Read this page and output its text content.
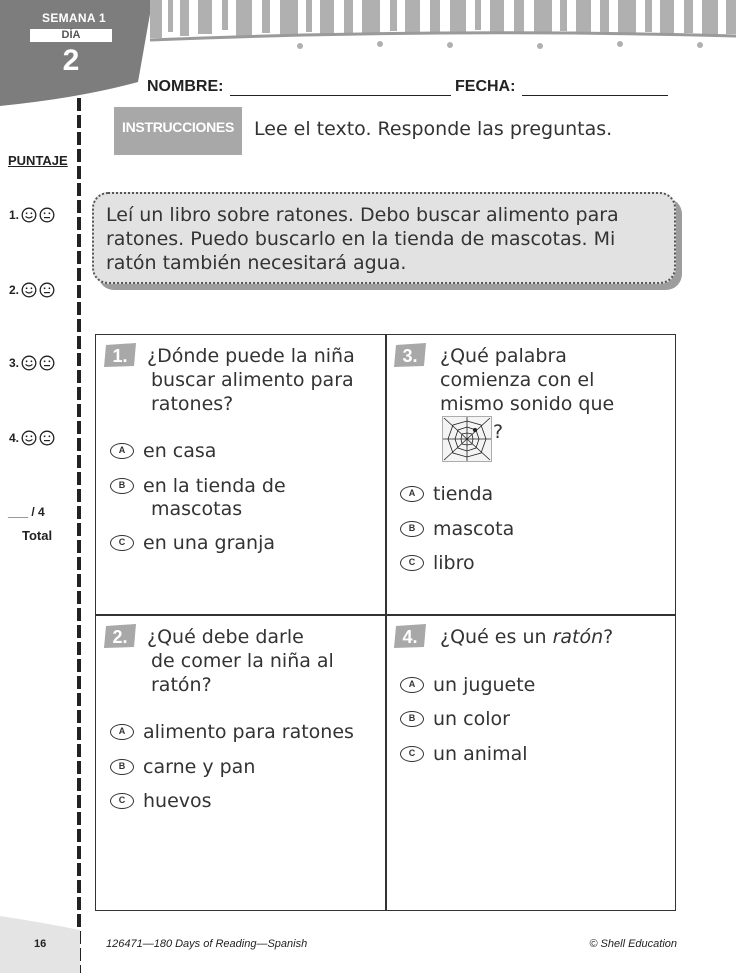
SEMANA 1
DÍA
2
NOMBRE:	FECHA:
INSTRUCCIONES	Lee el texto. Responde las preguntas.
PUNTAJE
1.
2.
3.
4.
___ / 4
Total
Leí un libro sobre ratones. Debo buscar alimento para
ratones. Puedo buscarlo en la tienda de mascotas. Mi
ratón también necesitará agua.
1. ¿Dónde puede la niña
buscar alimento para
ratones?
A en casa
B en la tienda de
mascotas
C en una granja
2. ¿Qué debe darle
de comer la niña al
ratón?
A alimento para ratones
B carne y pan
C huevos
3. ¿Qué palabra
comienza con el
mismo sonido que
?
A tienda
B mascota
C libro
4. ¿Qué es un ratón?
A un juguete
B un color
C un animal
16	126471—180 Days of Reading—Spanish	© Shell Education
